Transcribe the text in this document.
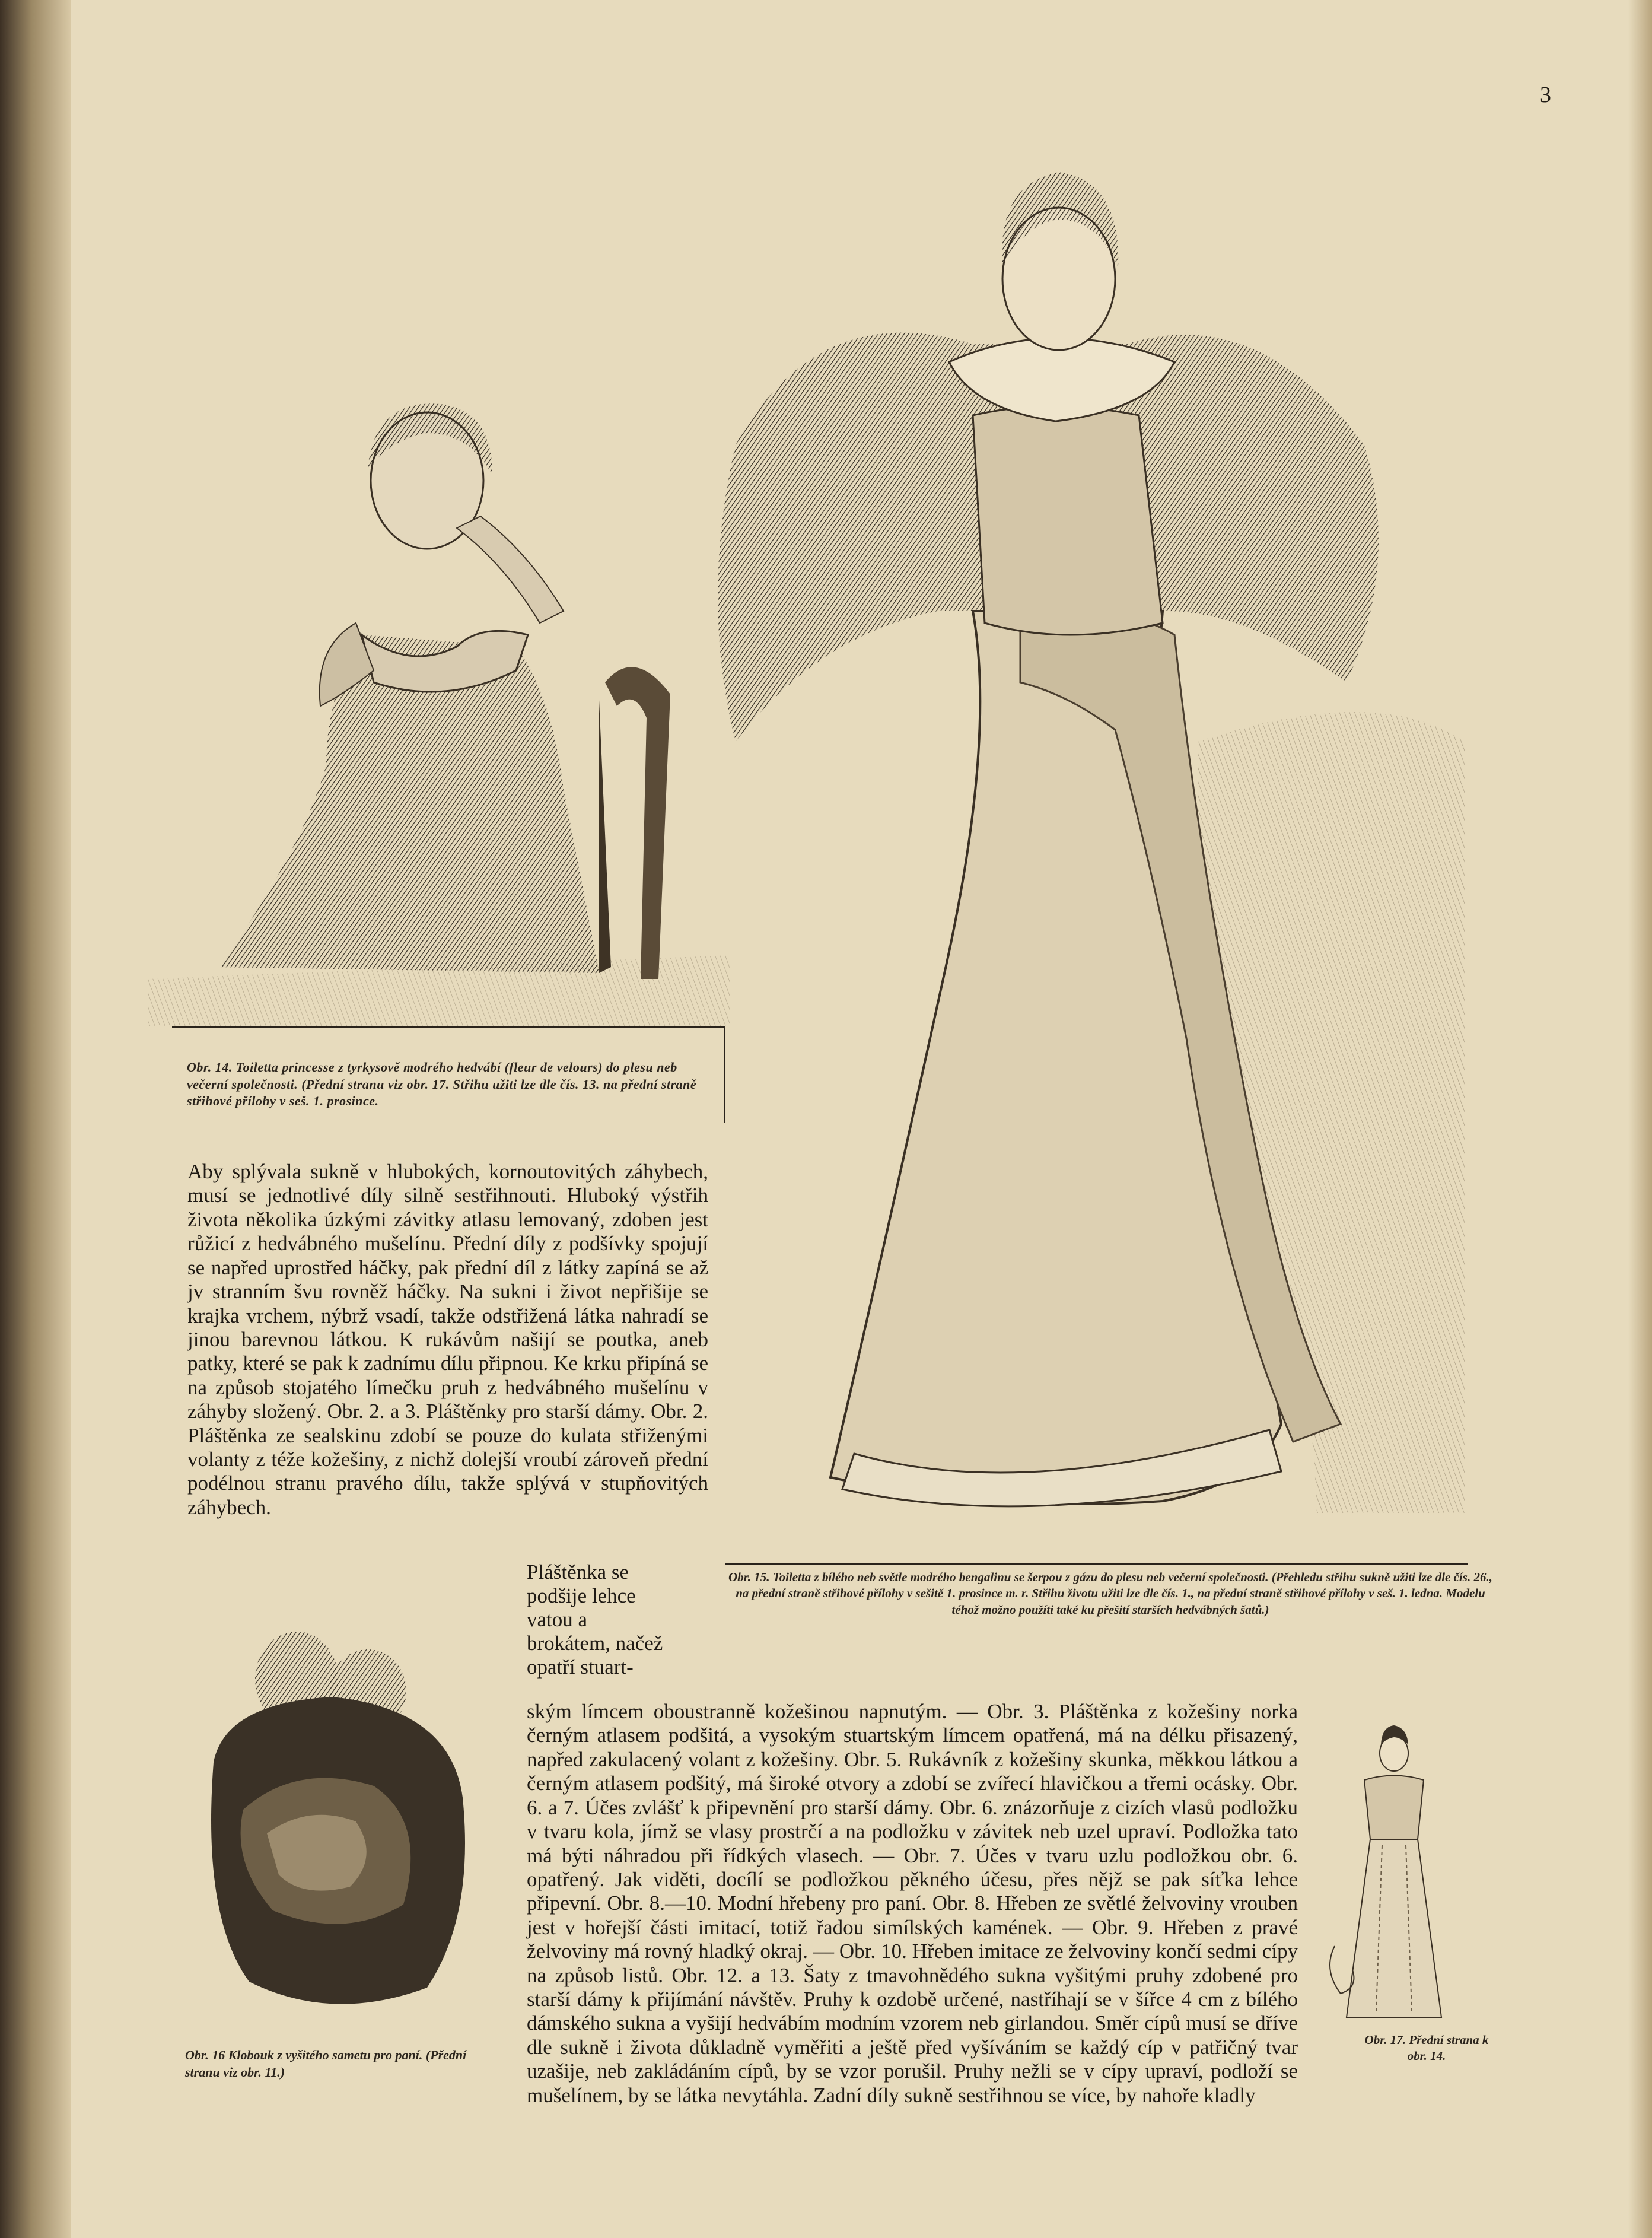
3
Obr. 14. Toiletta princesse z tyrkysově modrého hedvábí (fleur de velours) do plesu neb večerní společnosti. (Přední stranu viz obr. 17. Střihu užiti lze dle čís. 13. na přední straně střihové přílohy v seš. 1. prosince.
Obr. 15. Toiletta z bílého neb světle modrého bengalinu se šerpou z gázu do plesu neb večerní společnosti. (Přehledu střihu sukně užiti lze dle čís. 26., na přední straně střihové přílohy v sešitě 1. prosince m. r. Střihu životu užiti lze dle čís. 1., na přední straně střihové přílohy v seš. 1. ledna. Modelu téhož možno použíti také ku přešití starších hedvábných šatů.)
Aby splývala sukně v hlubokých, kornoutovitých záhybech, musí se jednotlivé díly silně sestřihnouti. Hluboký výstřih života několika úzkými závitky atlasu lemovaný, zdoben jest růžicí z hedvábného mušelínu. Přední díly z podšívky spojují se napřed uprostřed háčky, pak přední díl z látky zapíná se až jv stranním švu rovněž háčky. Na sukni i život nepřišije se krajka vrchem, nýbrž vsadí, takže odstřižená látka nahradí se jinou barevnou látkou. K rukávům našijí se poutka, aneb patky, které se pak k zadnímu dílu připnou. Ke krku připíná se na způsob stojatého límečku pruh z hedvábného mušelínu v záhyby složený. Obr. 2. a 3. Pláštěnky pro starší dámy. Obr. 2. Pláštěnka ze sealskinu zdobí se pouze do kulata střiženými volanty z téže kožešiny, z nichž dolejší vroubí zároveň přední podélnou stranu pravého dílu, takže splývá v stupňovitých záhybech.
Pláštěnka se podšije lehce vatou a brokátem, načež opatří stuart-
Obr. 16 Klobouk z vyšitého sametu pro paní. (Přední stranu viz obr. 11.)
ským límcem oboustranně kožešinou napnutým. — Obr. 3. Pláštěnka z kožešiny norka černým atlasem podšitá, a vysokým stuartským límcem opatřená, má na délku přisazený, napřed zakulacený volant z kožešiny. Obr. 5. Rukávník z kožešiny skunka, měkkou látkou a černým atlasem podšitý, má široké otvory a zdobí se zvířecí hlavičkou a třemi ocásky. Obr. 6. a 7. Účes zvlášť k připevnění pro starší dámy. Obr. 6. znázorňuje z cizích vlasů podložku v tvaru kola, jímž se vlasy prostrčí a na podložku v závitek neb uzel upraví. Podložka tato má býti náhradou při řídkých vlasech. — Obr. 7. Účes v tvaru uzlu podložkou obr. 6. opatřený. Jak viděti, docílí se podložkou pěkného účesu, přes nějž se pak síťka lehce připevní. Obr. 8.—10. Modní hřebeny pro paní. Obr. 8. Hřeben ze světlé želvoviny vrouben jest v hořejší části imitací, totiž řadou simílských kamének. — Obr. 9. Hřeben z pravé želvoviny má rovný hladký okraj. — Obr. 10. Hřeben imitace ze želvoviny končí sedmi cípy na způsob listů. Obr. 12. a 13. Šaty z tmavohnědého sukna vyšitými pruhy zdobené pro starší dámy k přijímání návštěv. Pruhy k ozdobě určené, nastříhají se v šířce 4 cm z bílého dámského sukna a vyšijí hedvábím modním vzorem neb girlandou. Směr cípů musí se dříve dle sukně i života důkladně vyměřiti a ještě před vyšíváním se každý cíp v patřičný tvar uzašije, neb zakládáním cípů, by se vzor porušil. Pruhy nežli se v cípy upraví, podloží se mušelínem, by se látka nevytáhla. Zadní díly sukně sestřihnou se více, by nahoře kladly
Obr. 17. Přední strana k obr. 14.
